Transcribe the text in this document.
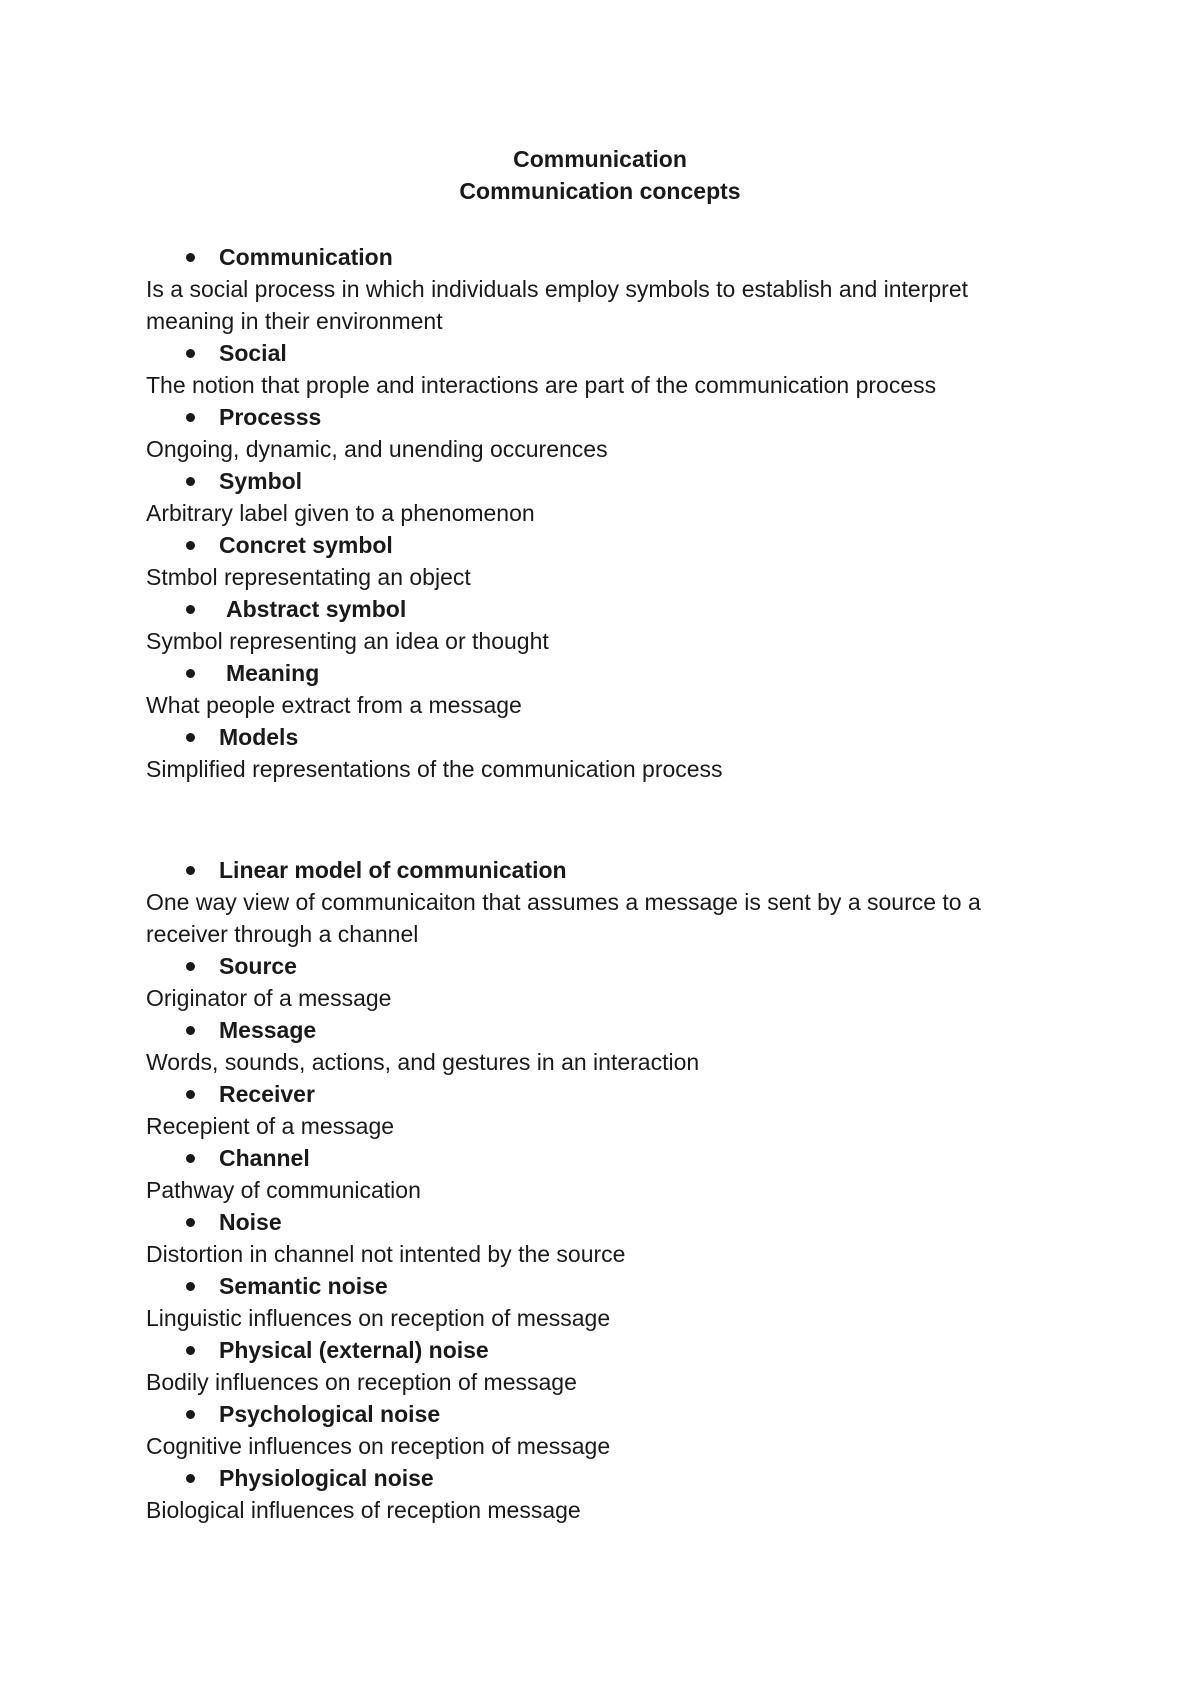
Communication
Communication concepts
Communication
Is a social process in which individuals employ symbols to establish and interpret meaning in their environment
Social
The notion that prople and interactions are part of the communication process
Processs
Ongoing, dynamic, and unending occurences
Symbol
Arbitrary label given to a phenomenon
Concret symbol
Stmbol representating an object
Abstract symbol
Symbol representing an idea or thought
Meaning
What people extract from a message
Models
Simplified representations of the communication process
Linear model of communication
One way view of communicaiton that assumes a message is sent by a source to a receiver through a channel
Source
Originator of a message
Message
Words, sounds, actions, and gestures in an interaction
Receiver
Recepient of a message
Channel
Pathway of communication
Noise
Distortion in channel not intented by the source
Semantic noise
Linguistic influences on reception of message
Physical (external) noise
Bodily influences on reception of message
Psychological noise
Cognitive influences on reception of message
Physiological noise
Biological influences of reception message
